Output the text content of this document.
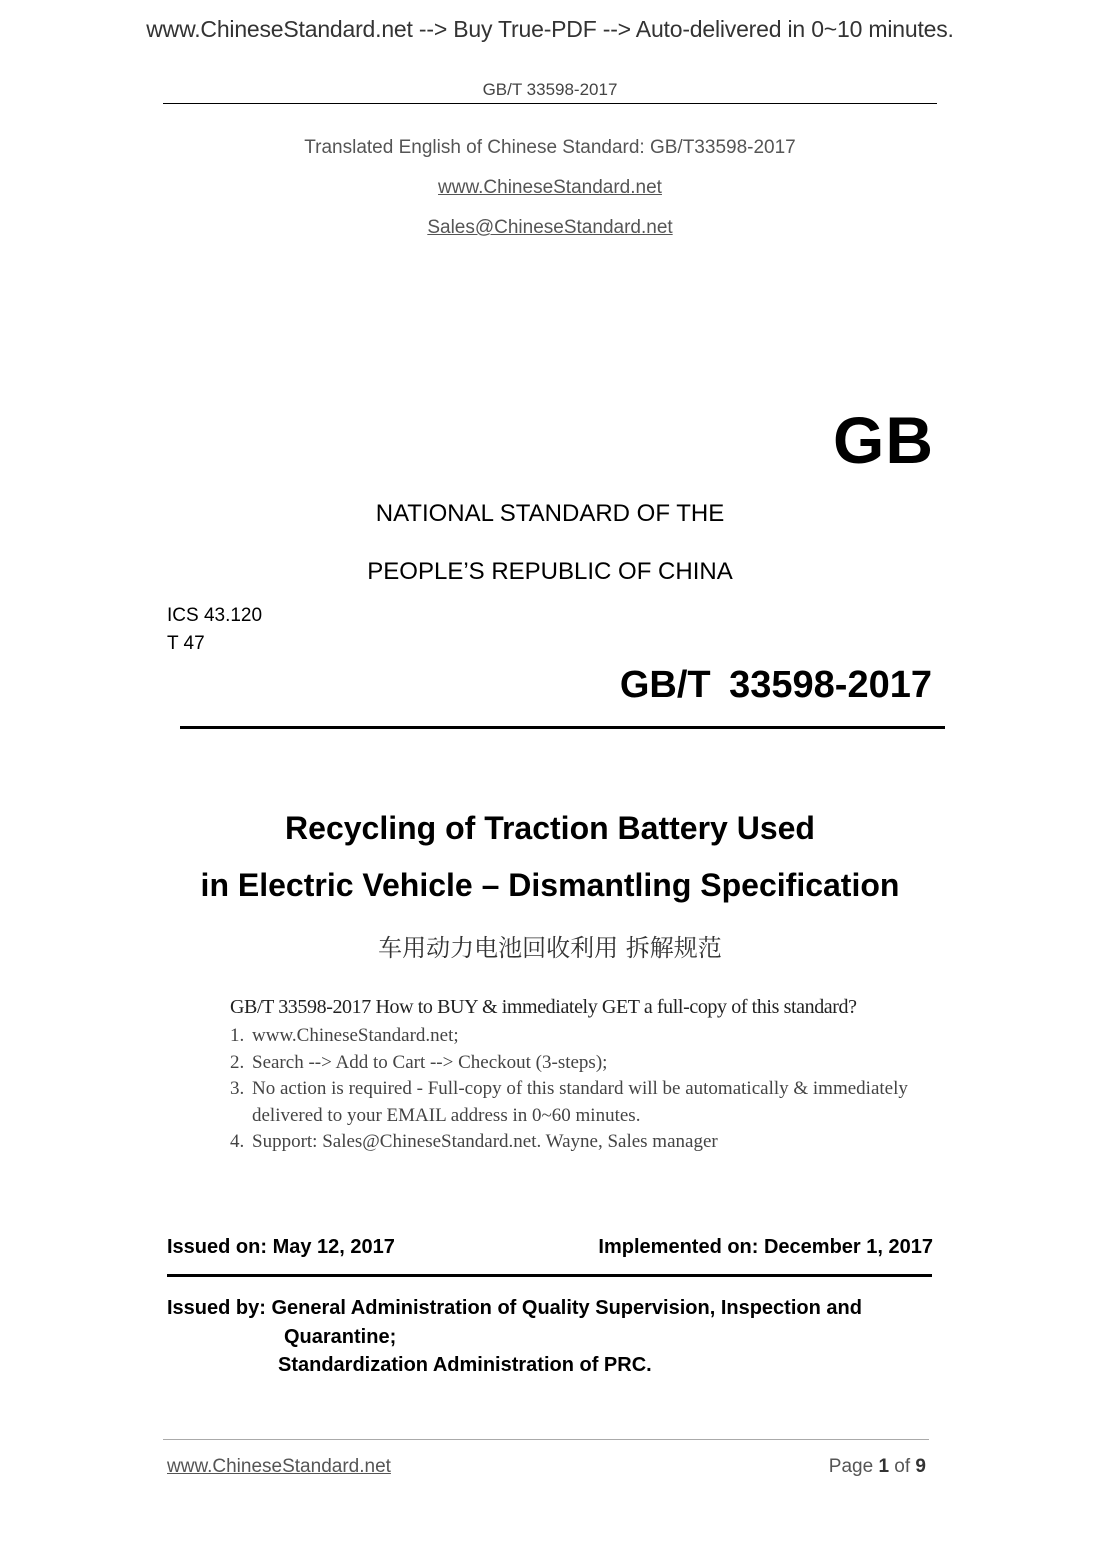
www.ChineseStandard.net --> Buy True-PDF --> Auto-delivered in 0~10 minutes.
GB/T 33598-2017
Translated English of Chinese Standard: GB/T33598-2017
www.ChineseStandard.net
Sales@ChineseStandard.net
GB
NATIONAL STANDARD OF THE
PEOPLE’S REPUBLIC OF CHINA
ICS 43.120
T 47
GB/T 33598-2017
Recycling of Traction Battery Used
in Electric Vehicle – Dismantling Specification
车用动力电池回收利用 拆解规范
GB/T 33598-2017 How to BUY & immediately GET a full-copy of this standard?
1. www.ChineseStandard.net;
2. Search --> Add to Cart --> Checkout (3-steps);
3. No action is required - Full-copy of this standard will be automatically & immediately delivered to your EMAIL address in 0~60 minutes.
4. Support: Sales@ChineseStandard.net. Wayne, Sales manager
Issued on: May 12, 2017	Implemented on: December 1, 2017
Issued by: General Administration of Quality Supervision, Inspection and
Quarantine;
Standardization Administration of PRC.
www.ChineseStandard.net	Page 1 of 9
